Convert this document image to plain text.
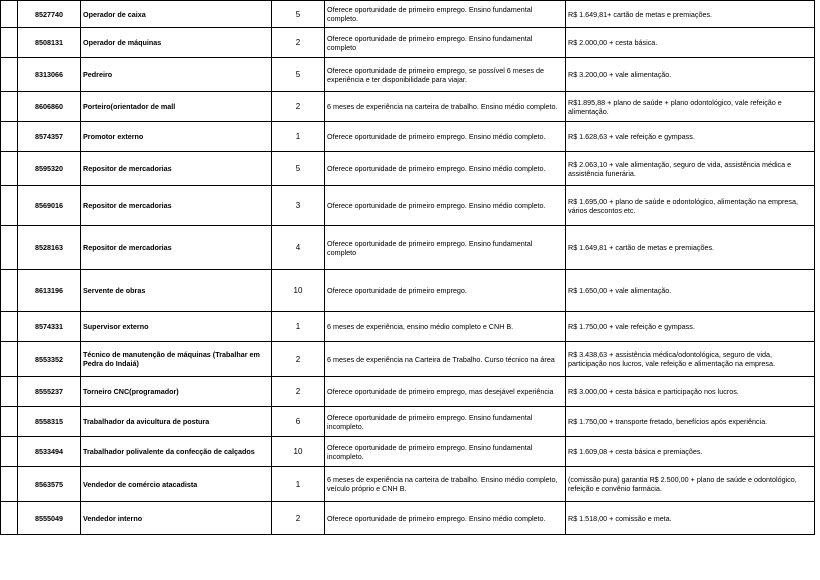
	8527740	Operador de caixa	5	Oferece oportunidade de primeiro emprego. Ensino fundamental completo.	R$ 1.649,81+ cartão de metas e premiações.
	8508131	Operador de máquinas	2	Oferece oportunidade de primeiro emprego. Ensino fundamental completo	R$ 2.000,00 + cesta básica.
	8313066	Pedreiro	5	Oferece oportunidade de primeiro emprego, se possível 6 meses de experiência e ter disponibilidade para viajar.	R$ 3.200,00 + vale alimentação.
	8606860	Porteiro(orientador de mall	2	6 meses de experiência na carteira de trabalho. Ensino médio completo.	R$1.895,88 + plano de saúde + plano odontológico, vale refeição e alimentação.
	8574357	Promotor externo	1	Oferece oportunidade de primeiro emprego. Ensino médio completo.	R$ 1.628,63 + vale refeição e gympass.
	8595320	Repositor de mercadorias	5	Oferece oportunidade de primeiro emprego. Ensino médio completo.	R$ 2.063,10 + vale alimentação, seguro de vida, assistência médica e assistência funerária.
	8569016	Repositor de mercadorias	3	Oferece oportunidade de primeiro emprego. Ensino médio completo.	R$ 1.695,00 + plano de saúde e odontológico, alimentação na empresa, vários descontos etc.
	8528163	Repositor de mercadorias	4	Oferece oportunidade de primeiro emprego. Ensino fundamental completo	R$ 1.649,81 + cartão de metas e premiações.
	8613196	Servente de obras	10	Oferece oportunidade de primeiro emprego.	R$ 1.650,00 + vale alimentação.
	8574331	Supervisor externo	1	6 meses de experiência, ensino médio completo e CNH B.	R$ 1.750,00 + vale refeição e gympass.
	8553352	Técnico de manutenção de máquinas (Trabalhar em Pedra do Indaiá)	2	6 meses de experiência na Carteira de Trabalho. Curso técnico na área	R$ 3.438,63 + assistência médica/odontológica, seguro de vida, participação nos lucros, vale refeição e alimentação na empresa.
	8555237	Torneiro CNC(programador)	2	Oferece oportunidade de primeiro emprego, mas desejável experiência	R$ 3.000,00 + cesta básica e participação nos lucros.
	8558315	Trabalhador da avicultura de postura	6	Oferece oportunidade de primeiro emprego. Ensino fundamental incompleto.	R$ 1.750,00 + transporte fretado, benefícios após experiência.
	8533494	Trabalhador polivalente da confecção de calçados	10	Oferece oportunidade de primeiro emprego. Ensino fundamental incompleto.	R$ 1.609,08 + cesta básica e premiações.
	8563575	Vendedor de comércio atacadista	1	6 meses de experiência na carteira de trabalho. Ensino médio completo, veículo próprio e CNH B.	(comissão pura) garantia R$ 2.500,00 + plano de saúde e odontológico, refeição e convênio farmácia.
	8555049	Vendedor interno	2	Oferece oportunidade de primeiro emprego. Ensino médio completo.	R$ 1.518,00 + comissão e meta.
